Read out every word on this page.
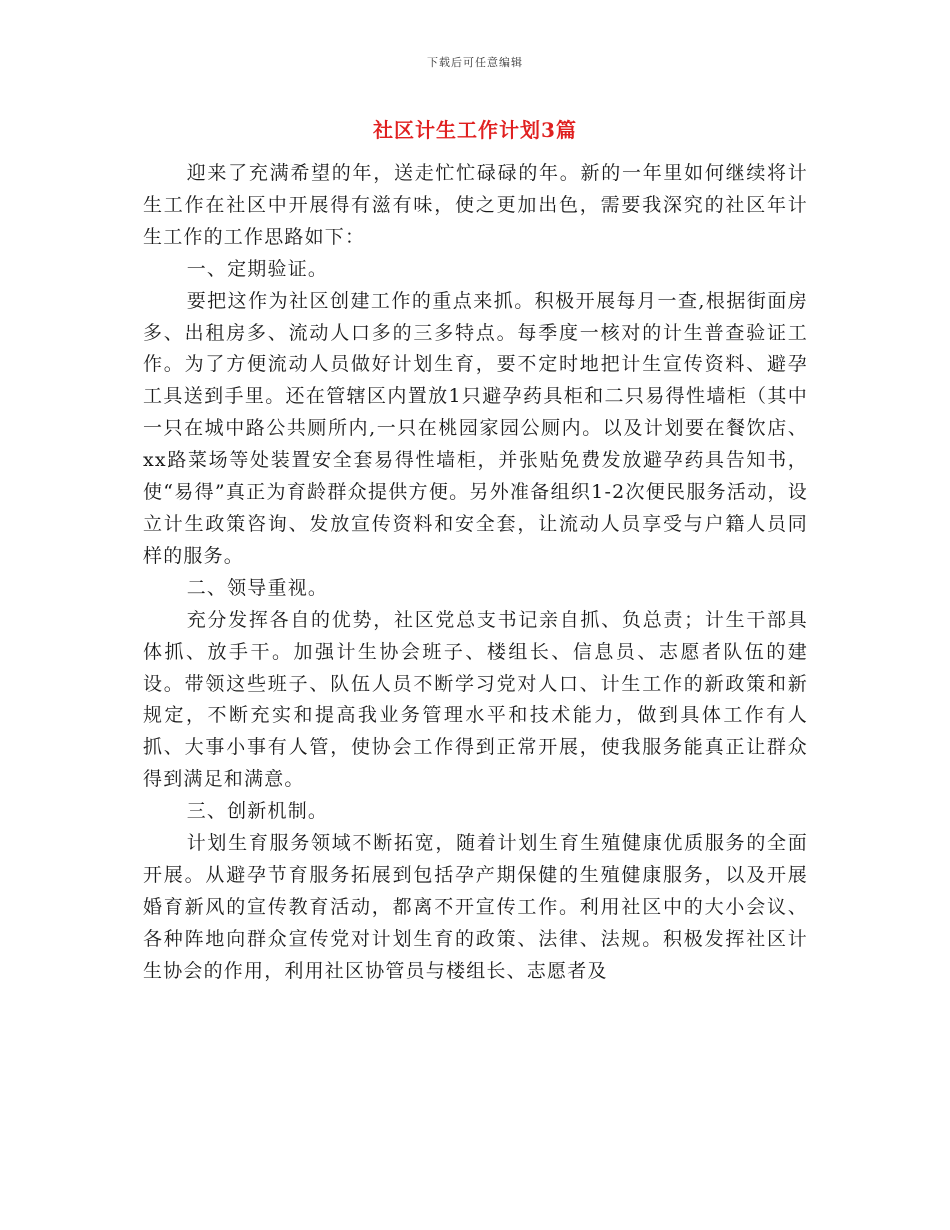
下载后可任意编辑
社区计生工作计划3篇

迎来了充满希望的年，送走忙忙碌碌的年。新的一年里如何继续将计生工作在社区中开展得有滋有味，使之更加出色，需要我深究的社区年计生工作的工作思路如下：

一、定期验证。

要把这作为社区创建工作的重点来抓。积极开展每月一查,根据街面房多、出租房多、流动人口多的三多特点。每季度一核对的计生普查验证工作。为了方便流动人员做好计划生育，要不定时地把计生宣传资料、避孕工具送到手里。还在管辖区内置放1只避孕药具柜和二只易得性墙柜（其中一只在城中路公共厕所内,一只在桃园家园公厕内。以及计划要在餐饮店、xx路菜场等处装置安全套易得性墙柜，并张贴免费发放避孕药具告知书，使“易得”真正为育龄群众提供方便。另外准备组织1-2次便民服务活动，设立计生政策咨询、发放宣传资料和安全套，让流动人员享受与户籍人员同样的服务。

二、领导重视。

充分发挥各自的优势，社区党总支书记亲自抓、负总责；计生干部具体抓、放手干。加强计生协会班子、楼组长、信息员、志愿者队伍的建设。带领这些班子、队伍人员不断学习党对人口、计生工作的新政策和新规定，不断充实和提高我业务管理水平和技术能力，做到具体工作有人抓、大事小事有人管，使协会工作得到正常开展，使我服务能真正让群众得到满足和满意。

三、创新机制。

计划生育服务领域不断拓宽，随着计划生育生殖健康优质服务的全面开展。从避孕节育服务拓展到包括孕产期保健的生殖健康服务，以及开展婚育新风的宣传教育活动，都离不开宣传工作。利用社区中的大小会议、各种阵地向群众宣传党对计划生育的政策、法律、法规。积极发挥社区计生协会的作用，利用社区协管员与楼组长、志愿者及
